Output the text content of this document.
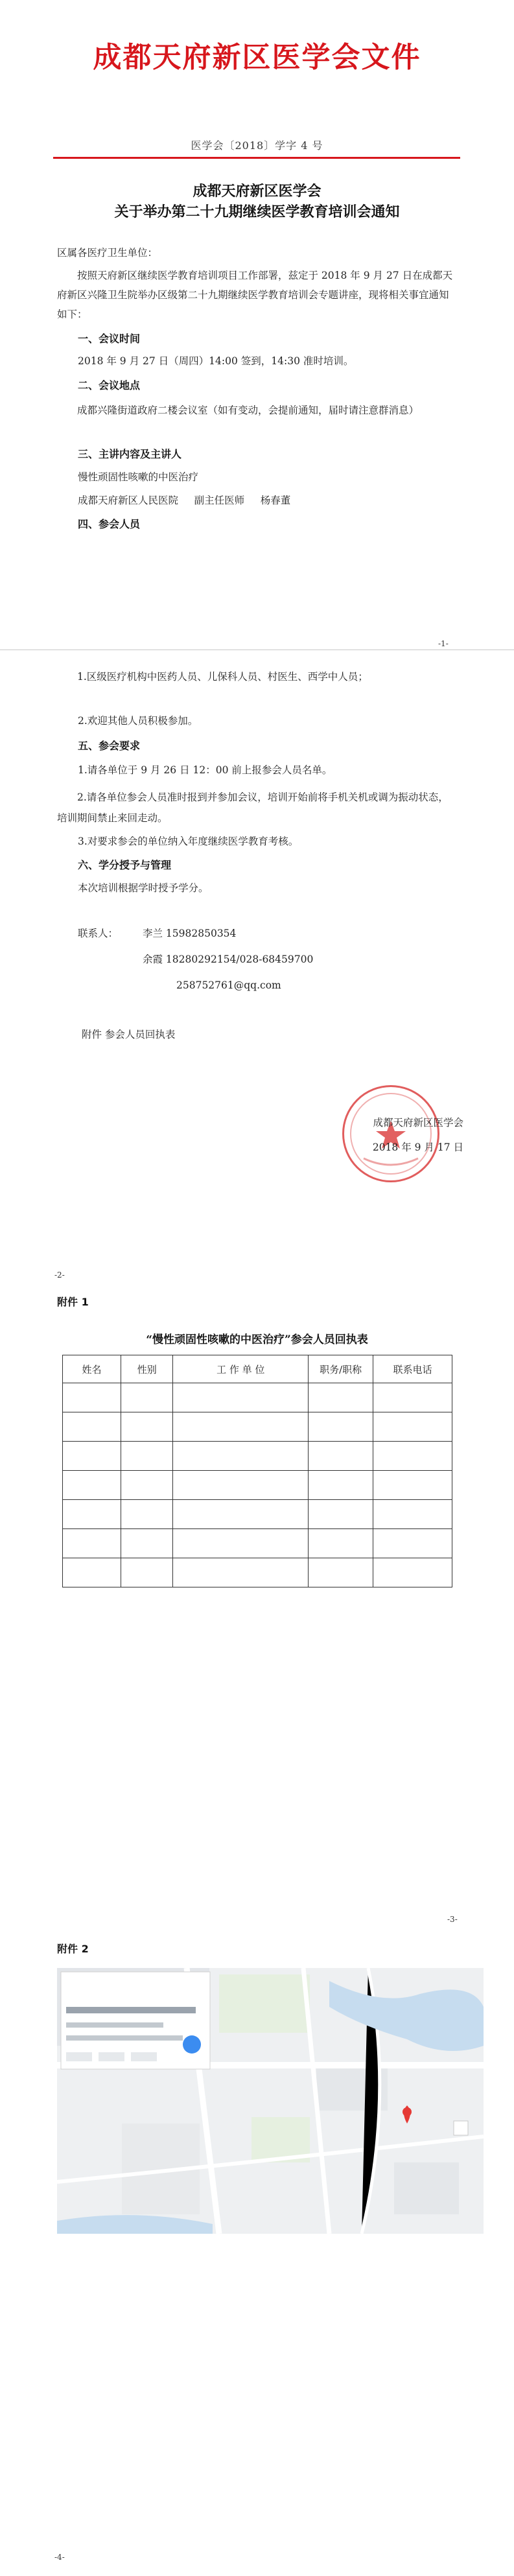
成都天府新区医学会文件
医学会〔2018〕学字 4 号
成都天府新区医学会
关于举办第二十九期继续医学教育培训会通知
区属各医疗卫生单位：
按照天府新区继续医学教育培训项目工作部署，兹定于 2018 年 9 月 27 日在成都天府新区兴隆卫生院举办区级第二十九期继续医学教育培训会专题讲座，现将相关事宜通知如下：
一、会议时间
2018 年 9 月 27 日（周四）14:00 签到，14:30 准时培训。
二、会议地点
成都兴隆街道政府二楼会议室（如有变动，会提前通知，届时请注意群消息）
三、主讲内容及主讲人
慢性顽固性咳嗽的中医治疗
成都天府新区人民医院     副主任医师     杨春董
四、参会人员
-1-
1.区级医疗机构中医药人员、儿保科人员、村医生、西学中人员；
2.欢迎其他人员积极参加。
五、参会要求
1.请各单位于 9 月 26 日 12：00 前上报参会人员名单。
2.请各单位参会人员准时报到并参加会议，培训开始前将手机关机或调为振动状态，培训期间禁止来回走动。
3.对要求参会的单位纳入年度继续医学教育考核。
六、学分授予与管理
本次培训根据学时授予学分。
联系人： 李兰 15982850354
余霞 18280292154/028-68459700
258752761@qq.com
附件 参会人员回执表
成都天府新区医学会
2018 年 9 月 17 日
-2-
附件 1
“慢性顽固性咳嗽的中医治疗”参会人员回执表
姓名	性别	工 作 单 位	职务/职称	联系电话

-3-
附件 2
-4-
